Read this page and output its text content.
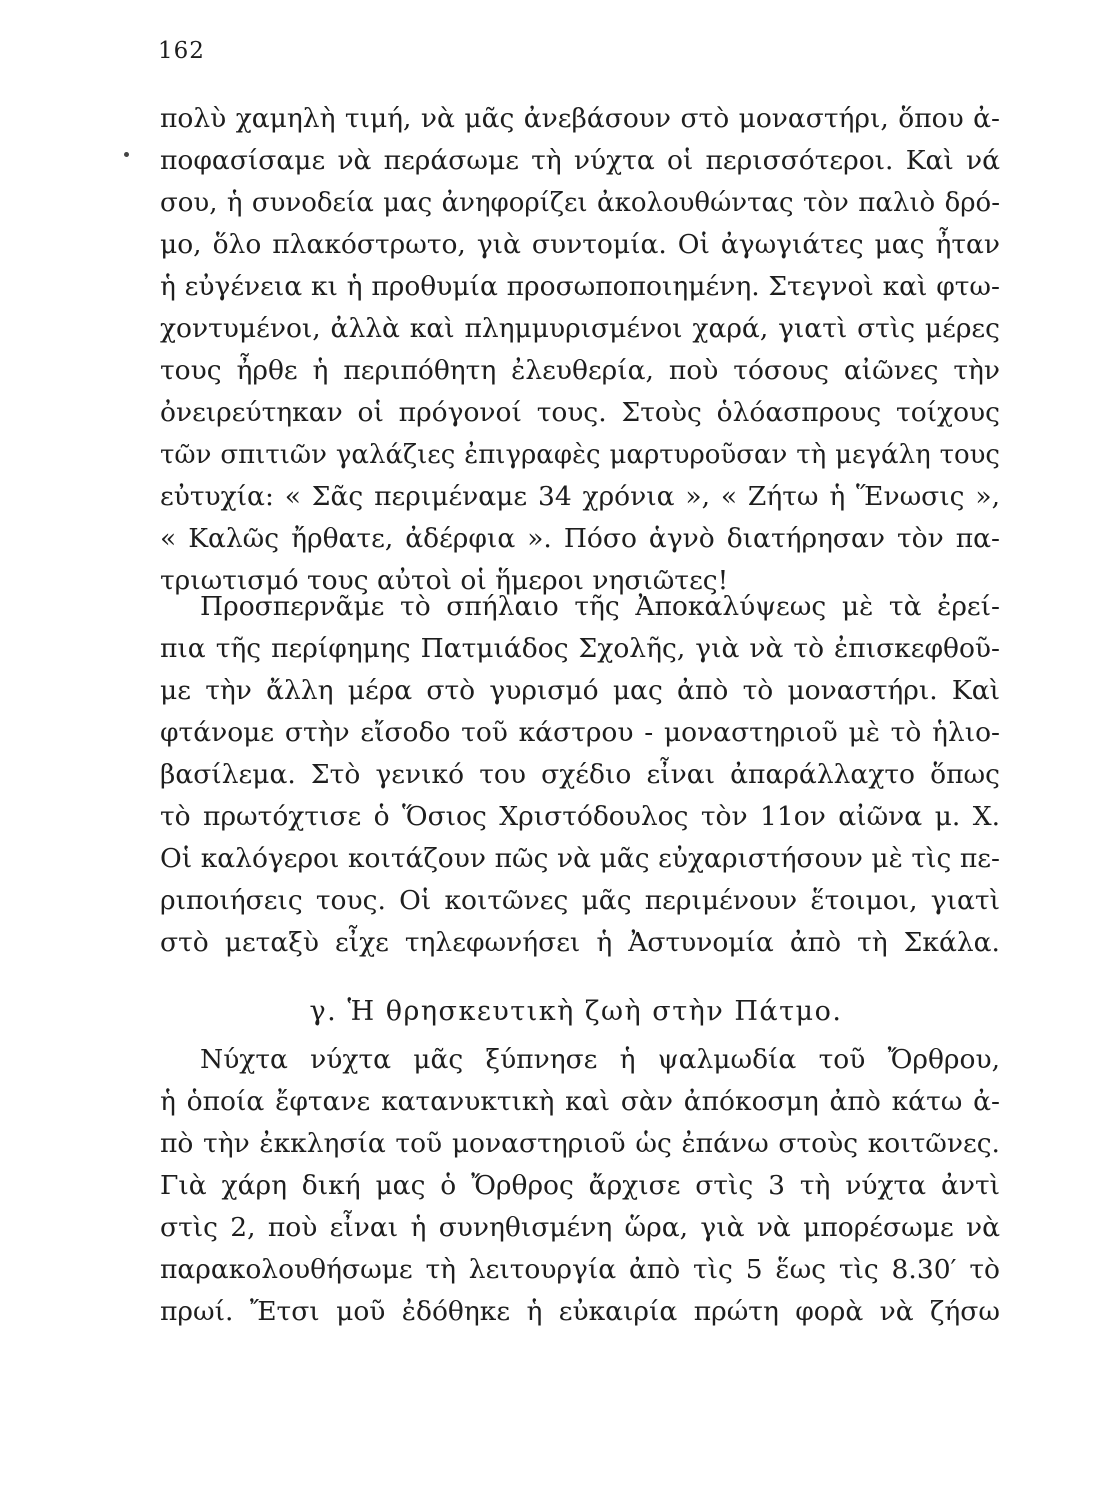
162
πολὺ χαμηλὴ τιμή, νὰ μᾶς ἀνεβάσουν στὸ μοναστήρι, ὅπου ἀ-
ποφασίσαμε νὰ περάσωμε τὴ νύχτα οἱ περισσότεροι. Καὶ νά
σου, ἡ συνοδεία μας ἀνηφορίζει ἀκολουθώντας τὸν παλιὸ δρό-
μο, ὅλο πλακόστρωτο, γιὰ συντομία. Οἱ ἀγωγιάτες μας ἦταν
ἡ εὐγένεια κι ἡ προθυμία προσωποποιημένη. Στεγνοὶ καὶ φτω-
χοντυμένοι, ἀλλὰ καὶ πλημμυρισμένοι χαρά, γιατὶ στὶς μέρες
τους ἦρθε ἡ περιπόθητη ἐλευθερία, ποὺ τόσους αἰῶνες τὴν
ὀνειρεύτηκαν οἱ πρόγονοί τους. Στοὺς ὁλόασπρους τοίχους
τῶν σπιτιῶν γαλάζιες ἐπιγραφὲς μαρτυροῦσαν τὴ μεγάλη τους
εὐτυχία: « Σᾶς περιμέναμε 34 χρόνια », « Ζήτω ἡ Ἕνωσις »,
« Καλῶς ἤρθατε, ἀδέρφια ». Πόσο ἁγνὸ διατήρησαν τὸν πα-
τριωτισμό τους αὐτοὶ οἱ ἥμεροι νησιῶτες!
Προσπερνᾶμε τὸ σπήλαιο τῆς Ἀποκαλύψεως μὲ τὰ ἐρεί-
πια τῆς περίφημης Πατμιάδος Σχολῆς, γιὰ νὰ τὸ ἐπισκεφθοῦ-
με τὴν ἄλλη μέρα στὸ γυρισμό μας ἀπὸ τὸ μοναστήρι. Καὶ
φτάνομε στὴν εἴσοδο τοῦ κάστρου - μοναστηριοῦ μὲ τὸ ἡλιο-
βασίλεμα. Στὸ γενικό του σχέδιο εἶναι ἀπαράλλαχτο ὅπως
τὸ πρωτόχτισε ὁ Ὅσιος Χριστόδουλος τὸν 11ον αἰῶνα μ. Χ.
Οἱ καλόγεροι κοιτάζουν πῶς νὰ μᾶς εὐχαριστήσουν μὲ τὶς πε-
ριποιήσεις τους. Οἱ κοιτῶνες μᾶς περιμένουν ἕτοιμοι, γιατὶ
στὸ μεταξὺ εἶχε τηλεφωνήσει ἡ Ἀστυνομία ἀπὸ τὴ Σκάλα.
γ. Ἡ θρησκευτικὴ ζωὴ στὴν Πάτμο.
Νύχτα νύχτα μᾶς ξύπνησε ἡ ψαλμωδία τοῦ Ὄρθρου,
ἡ ὁποία ἔφτανε κατανυκτικὴ καὶ σὰν ἀπόκοσμη ἀπὸ κάτω ἀ-
πὸ τὴν ἐκκλησία τοῦ μοναστηριοῦ ὡς ἐπάνω στοὺς κοιτῶνες.
Γιὰ χάρη δική μας ὁ Ὄρθρος ἄρχισε στὶς 3 τὴ νύχτα ἀντὶ
στὶς 2, ποὺ εἶναι ἡ συνηθισμένη ὥρα, γιὰ νὰ μπορέσωμε νὰ
παρακολουθήσωμε τὴ λειτουργία ἀπὸ τὶς 5 ἕως τὶς 8.30′ τὸ
πρωί. Ἔτσι μοῦ ἐδόθηκε ἡ εὐκαιρία πρώτη φορὰ νὰ ζήσω
